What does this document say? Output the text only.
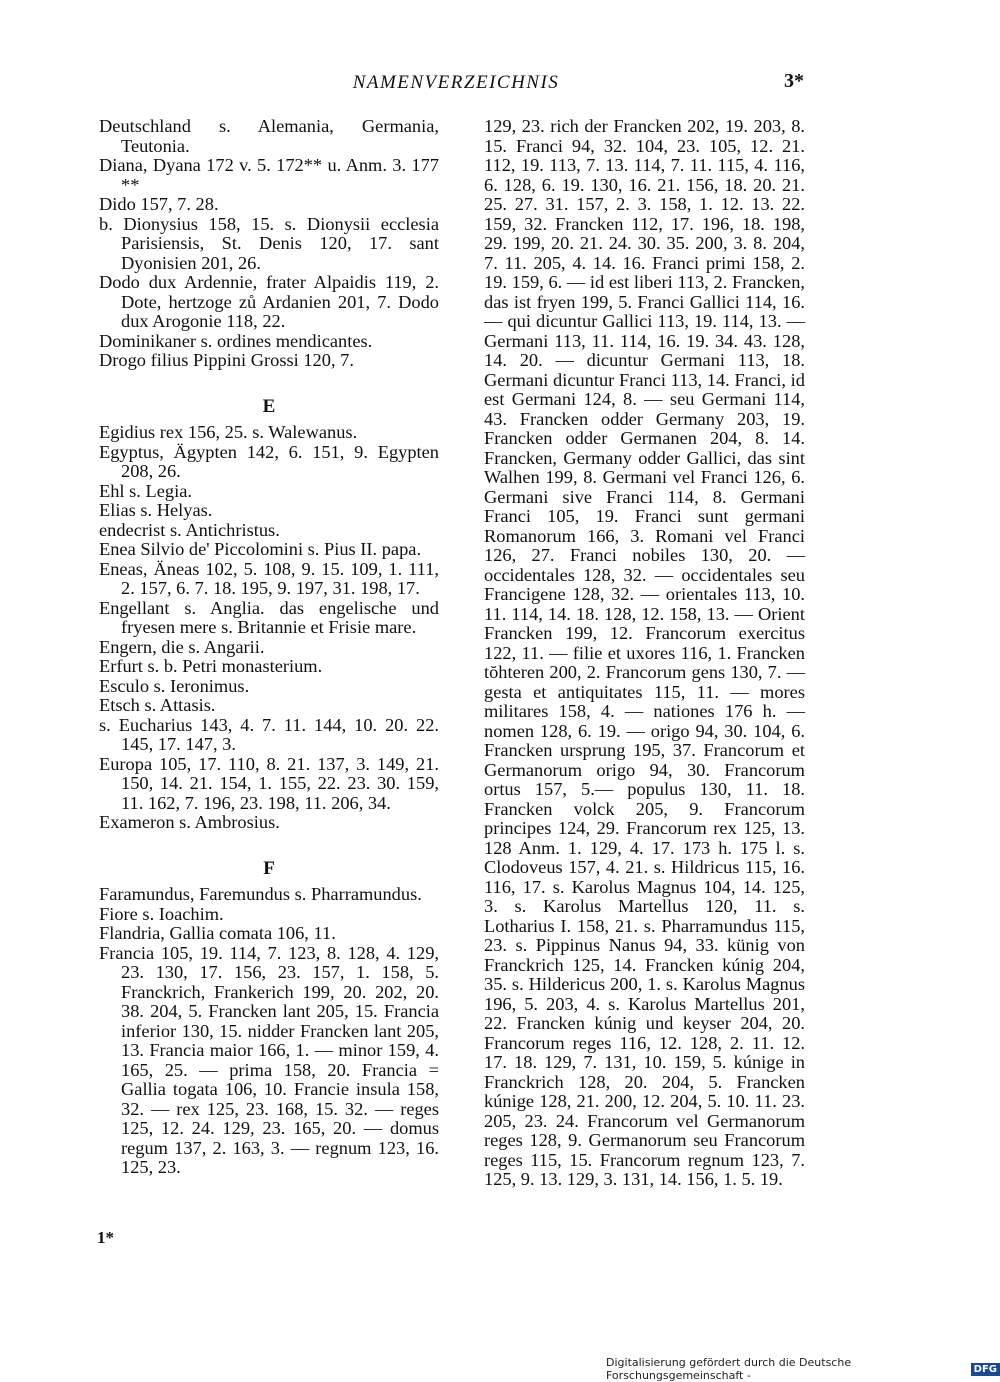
NAMENVERZEICHNIS	3*

Deutschland s. Alemania, Germania, Teutonia.

Diana, Dyana 172 v. 5. 172** u. Anm. 3. 177 **

Dido 157, 7. 28.

b. Dionysius 158, 15. s. Dionysii ecclesia Parisiensis, St. Denis 120, 17. sant Dyonisien 201, 26.

Dodo dux Ardennie, frater Alpaidis 119, 2. Dote, hertzoge zů Ardanien 201, 7. Dodo dux Arogonie 118, 22.

Dominikaner s. ordines mendicantes.

Drogo filius Pippini Grossi 120, 7.

E

Egidius rex 156, 25. s. Walewanus.

Egyptus, Ägypten 142, 6. 151, 9. Egypten 208, 26.

Ehl s. Legia.

Elias s. Helyas.

endecrist s. Antichristus.

Enea Silvio de' Piccolomini s. Pius II. papa.

Eneas, Äneas 102, 5. 108, 9. 15. 109, 1. 111, 2. 157, 6. 7. 18. 195, 9. 197, 31. 198, 17.

Engellant s. Anglia. das engelische und fryesen mere s. Britannie et Frisie mare.

Engern, die s. Angarii.

Erfurt s. b. Petri monasterium.

Esculo s. Ieronimus.

Etsch s. Attasis.

s. Eucharius 143, 4. 7. 11. 144, 10. 20. 22. 145, 17. 147, 3.

Europa 105, 17. 110, 8. 21. 137, 3. 149, 21. 150, 14. 21. 154, 1. 155, 22. 23. 30. 159, 11. 162, 7. 196, 23. 198, 11. 206, 34.

Exameron s. Ambrosius.

F

Faramundus, Faremundus s. Pharramundus.

Fiore s. Ioachim.

Flandria, Gallia comata 106, 11.

Francia 105, 19. 114, 7. 123, 8. 128, 4. 129, 23. 130, 17. 156, 23. 157, 1. 158, 5. Franckrich, Frankerich 199, 20. 202, 20. 38. 204, 5. Francken lant 205, 15. Francia inferior 130, 15. nidder Francken lant 205, 13. Francia maior 166, 1. — minor 159, 4. 165, 25. — prima 158, 20. Francia = Gallia togata 106, 10. Francie insula 158, 32. — rex 125, 23. 168, 15. 32. — reges 125, 12. 24. 129, 23. 165, 20. — domus regum 137, 2. 163, 3. — regnum 123, 16. 125, 23.

129, 23. rich der Francken 202, 19. 203, 8. 15. Franci 94, 32. 104, 23. 105, 12. 21. 112, 19. 113, 7. 13. 114, 7. 11. 115, 4. 116, 6. 128, 6. 19. 130, 16. 21. 156, 18. 20. 21. 25. 27. 31. 157, 2. 3. 158, 1. 12. 13. 22. 159, 32. Francken 112, 17. 196, 18. 198, 29. 199, 20. 21. 24. 30. 35. 200, 3. 8. 204, 7. 11. 205, 4. 14. 16. Franci primi 158, 2. 19. 159, 6. — id est liberi 113, 2. Francken, das ist fryen 199, 5. Franci Gallici 114, 16. — qui dicuntur Gallici 113, 19. 114, 13. — Germani 113, 11. 114, 16. 19. 34. 43. 128, 14. 20. — dicuntur Germani 113, 18. Germani dicuntur Franci 113, 14. Franci, id est Germani 124, 8. — seu Germani 114, 43. Francken odder Germany 203, 19. Francken odder Germanen 204, 8. 14. Francken, Germany odder Gallici, das sint Walhen 199, 8. Germani vel Franci 126, 6. Germani sive Franci 114, 8. Germani Franci 105, 19. Franci sunt germani Romanorum 166, 3. Romani vel Franci 126, 27. Franci nobiles 130, 20. — occidentales 128, 32. — occidentales seu Francigene 128, 32. — orientales 113, 10. 11. 114, 14. 18. 128, 12. 158, 13. — Orient Francken 199, 12. Francorum exercitus 122, 11. — filie et uxores 116, 1. Francken tŏhteren 200, 2. Francorum gens 130, 7. — gesta et antiquitates 115, 11. — mores militares 158, 4. — nationes 176 h. — nomen 128, 6. 19. — origo 94, 30. 104, 6. Francken ursprung 195, 37. Francorum et Germanorum origo 94, 30. Francorum ortus 157, 5.— populus 130, 11. 18. Francken volck 205, 9. Francorum principes 124, 29. Francorum rex 125, 13. 128 Anm. 1. 129, 4. 17. 173 h. 175 l. s. Clodoveus 157, 4. 21. s. Hildricus 115, 16. 116, 17. s. Karolus Magnus 104, 14. 125, 3. s. Karolus Martellus 120, 11. s. Lotharius I. 158, 21. s. Pharramundus 115, 23. s. Pippinus Nanus 94, 33. künig von Franckrich 125, 14. Francken kúnig 204, 35. s. Hildericus 200, 1. s. Karolus Magnus 196, 5. 203, 4. s. Karolus Martellus 201, 22. Francken kúnig und keyser 204, 20. Francorum reges 116, 12. 128, 2. 11. 12. 17. 18. 129, 7. 131, 10. 159, 5. kúnige in Franckrich 128, 20. 204, 5. Francken kúnige 128, 21. 200, 12. 204, 5. 10. 11. 23. 205, 23. 24. Francorum vel Germanorum reges 128, 9. Germanorum seu Francorum reges 115, 15. Francorum regnum 123, 7. 125, 9. 13. 129, 3. 131, 14. 156, 1. 5. 19.

1*
Digitalisierung gefördert durch die Deutsche Forschungsgemeinschaft -	DFG
